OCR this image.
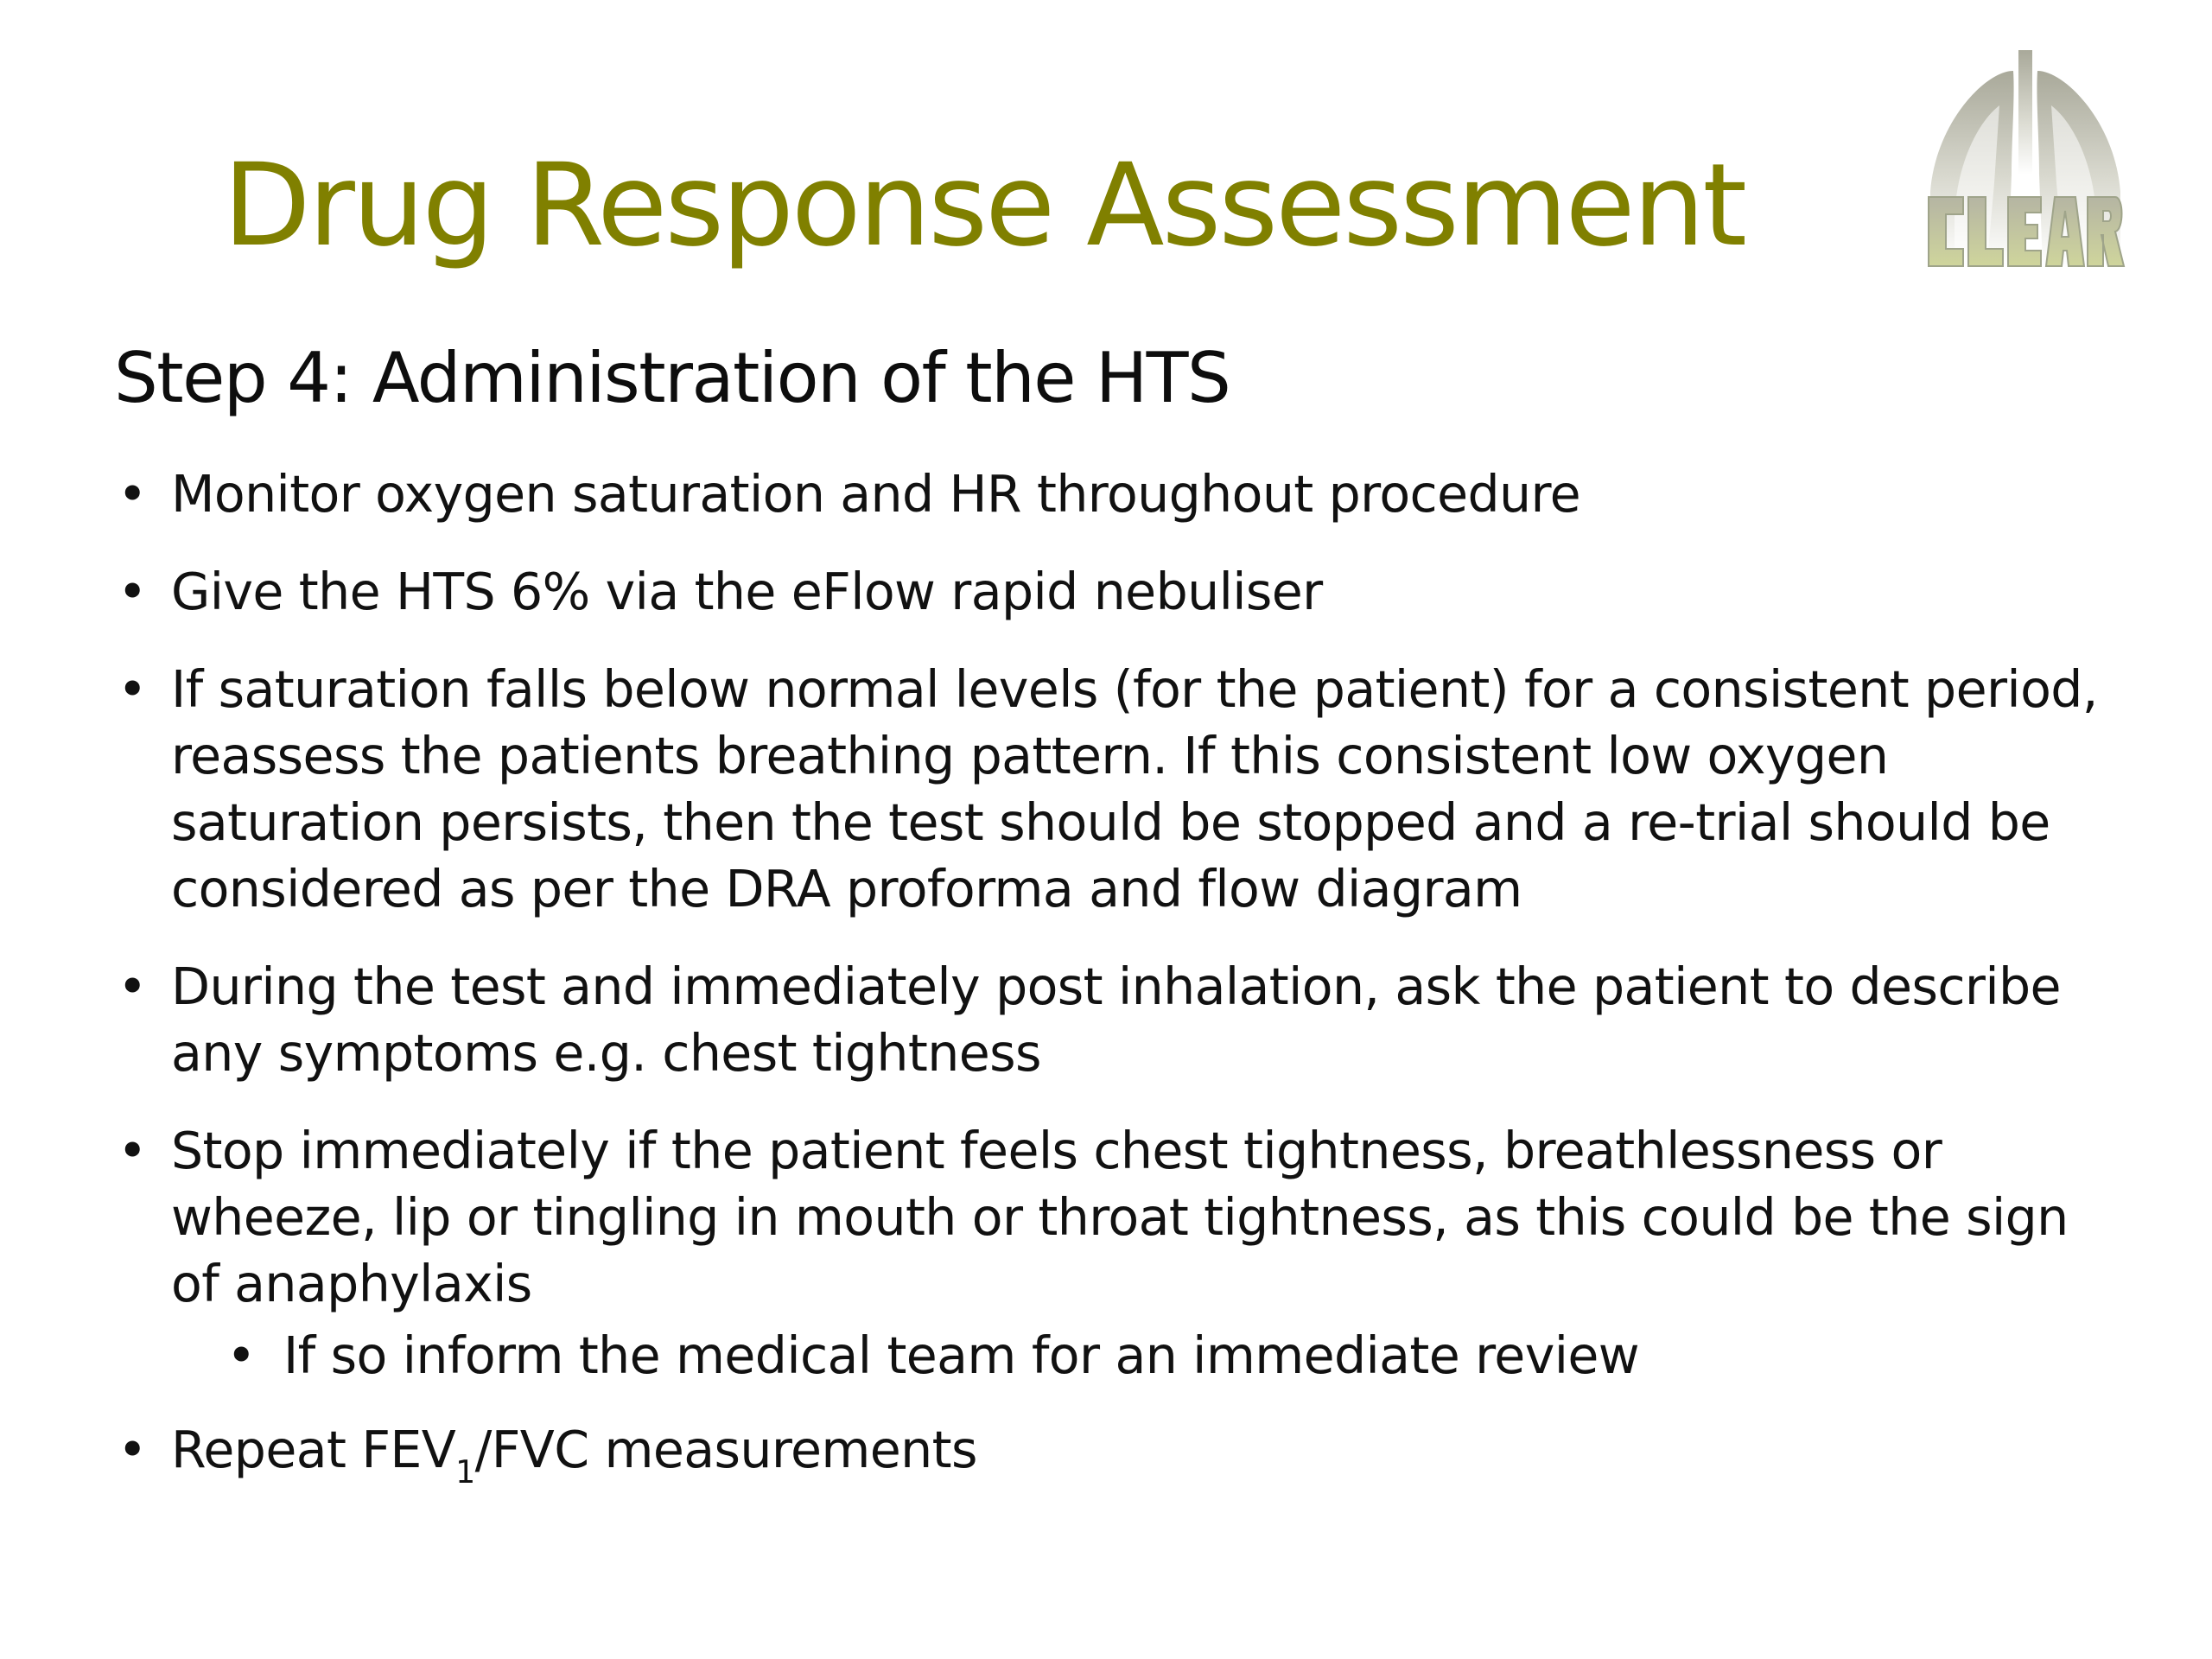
Drug Response Assessment
Step 4: Administration of the HTS
• Monitor oxygen saturation and HR throughout procedure
• Give the HTS 6% via the eFlow rapid nebuliser
• If saturation falls below normal levels (for the patient) for a consistent period, reassess the patients breathing pattern. If this consistent low oxygen saturation persists, then the test should be stopped and a re-trial should be considered as per the DRA proforma and flow diagram
• During the test and immediately post inhalation, ask the patient to describe any symptoms e.g. chest tightness
• Stop immediately if the patient feels chest tightness, breathlessness or wheeze, lip or tingling in mouth or throat tightness, as this could be the sign of anaphylaxis
• If so inform the medical team for an immediate review
• Repeat $FEV_1$/FVC measurements
